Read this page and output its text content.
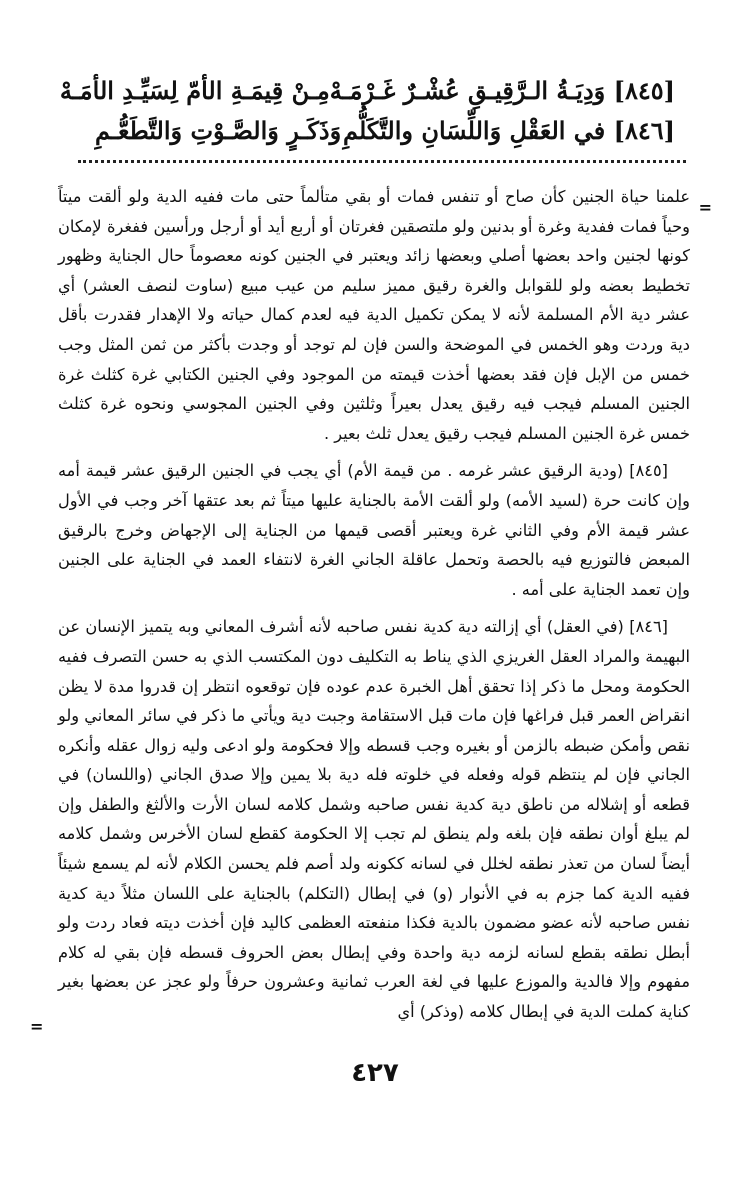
[٨٤٥] وَدِيَـةُ الـرَّقِيـقِ عُشْـرٌ غَـرْمَـهْ
مِـنْ قِيمَـةِ الأمّ لِسَيِّـدِ الأمَـهْ
[٨٤٦] في العَقْلِ وَاللِّسَانِ والتَّكَلُّمِ
وَذَكَـرٍ وَالصَّـوْتِ وَالتَّطَعُّـمِ
=

علمنا حياة الجنين كأن صاح أو تنفس فمات أو بقي متألماً حتى مات ففيه الدية ولو ألقت ميتاً وحياً فمات ففدية وغرة أو بدنين ولو ملتصقين فغرتان أو أربع أيد أو أرجل ورأسين ففغرة لإمكان كونها لجنين واحد بعضها أصلي وبعضها زائد ويعتبر في الجنين كونه معصوماً حال الجناية وظهور تخطيط بعضه ولو للقوابل والغرة رقيق مميز سليم من عيب مبيع (ساوت لنصف العشر) أي عشر دية الأم المسلمة لأنه لا يمكن تكميل الدية فيه لعدم كمال حياته ولا الإهدار فقدرت بأقل دية وردت وهو الخمس في الموضحة والسن فإن لم توجد أو وجدت بأكثر من ثمن المثل وجب خمس من الإبل فإن فقد بعضها أخذت قيمته من الموجود وفي الجنين الكتابي غرة كثلث غرة الجنين المسلم فيجب فيه رقيق يعدل بعيراً وثلثين وفي الجنين المجوسي ونحوه غرة كثلث خمس غرة الجنين المسلم فيجب رقيق يعدل ثلث بعير .

[٨٤٥] (ودية الرقيق عشر غرمه . من قيمة الأم) أي يجب في الجنين الرقيق عشر قيمة أمه وإن كانت حرة (لسيد الأمه) ولو ألقت الأمة بالجناية عليها ميتاً ثم بعد عتقها آخر وجب في الأول عشر قيمة الأم وفي الثاني غرة ويعتبر أقصى قيمها من الجناية إلى الإجهاض وخرج بالرقيق المبعض فالتوزيع فيه بالحصة وتحمل عاقلة الجاني الغرة لانتفاء العمد في الجناية على الجنين وإن تعمد الجناية على أمه .

[٨٤٦] (في العقل) أي إزالته دية كدية نفس صاحبه لأنه أشرف المعاني وبه يتميز الإنسان عن البهيمة والمراد العقل الغريزي الذي يناط به التكليف دون المكتسب الذي به حسن التصرف ففيه الحكومة ومحل ما ذكر إذا تحقق أهل الخبرة عدم عوده فإن توقعوه انتظر إن قدروا مدة لا يظن انقراض العمر قبل فراغها فإن مات قبل الاستقامة وجبت دية ويأتي ما ذكر في سائر المعاني ولو نقص وأمكن ضبطه بالزمن أو بغيره وجب قسطه وإلا فحكومة ولو ادعى وليه زوال عقله وأنكره الجاني فإن لم ينتظم قوله وفعله في خلوته فله دية بلا يمين وإلا صدق الجاني (واللسان) في قطعه أو إشلاله من ناطق دية كدية نفس صاحبه وشمل كلامه لسان الأرت والألثغ والطفل وإن لم يبلغ أوان نطقه فإن بلغه ولم ينطق لم تجب إلا الحكومة كقطع لسان الأخرس وشمل كلامه أيضاً لسان من تعذر نطقه لخلل في لسانه ككونه ولد أصم فلم يحسن الكلام لأنه لم يسمع شيئاً ففيه الدية كما جزم به في الأنوار (و) في إبطال (التكلم) بالجناية على اللسان مثلاً دية كدية نفس صاحبه لأنه عضو مضمون بالدية فكذا منفعته العظمى كاليد فإن أخذت ديته فعاد ردت ولو أبطل نطقه بقطع لسانه لزمه دية واحدة وفي إبطال بعض الحروف قسطه فإن بقي له كلام مفهوم وإلا فالدية والموزع عليها في لغة العرب ثمانية وعشرون حرفاً ولو عجز عن بعضها بغير كناية كملت الدية في إبطال كلامه (وذكر) أي

=
٤٢٧
